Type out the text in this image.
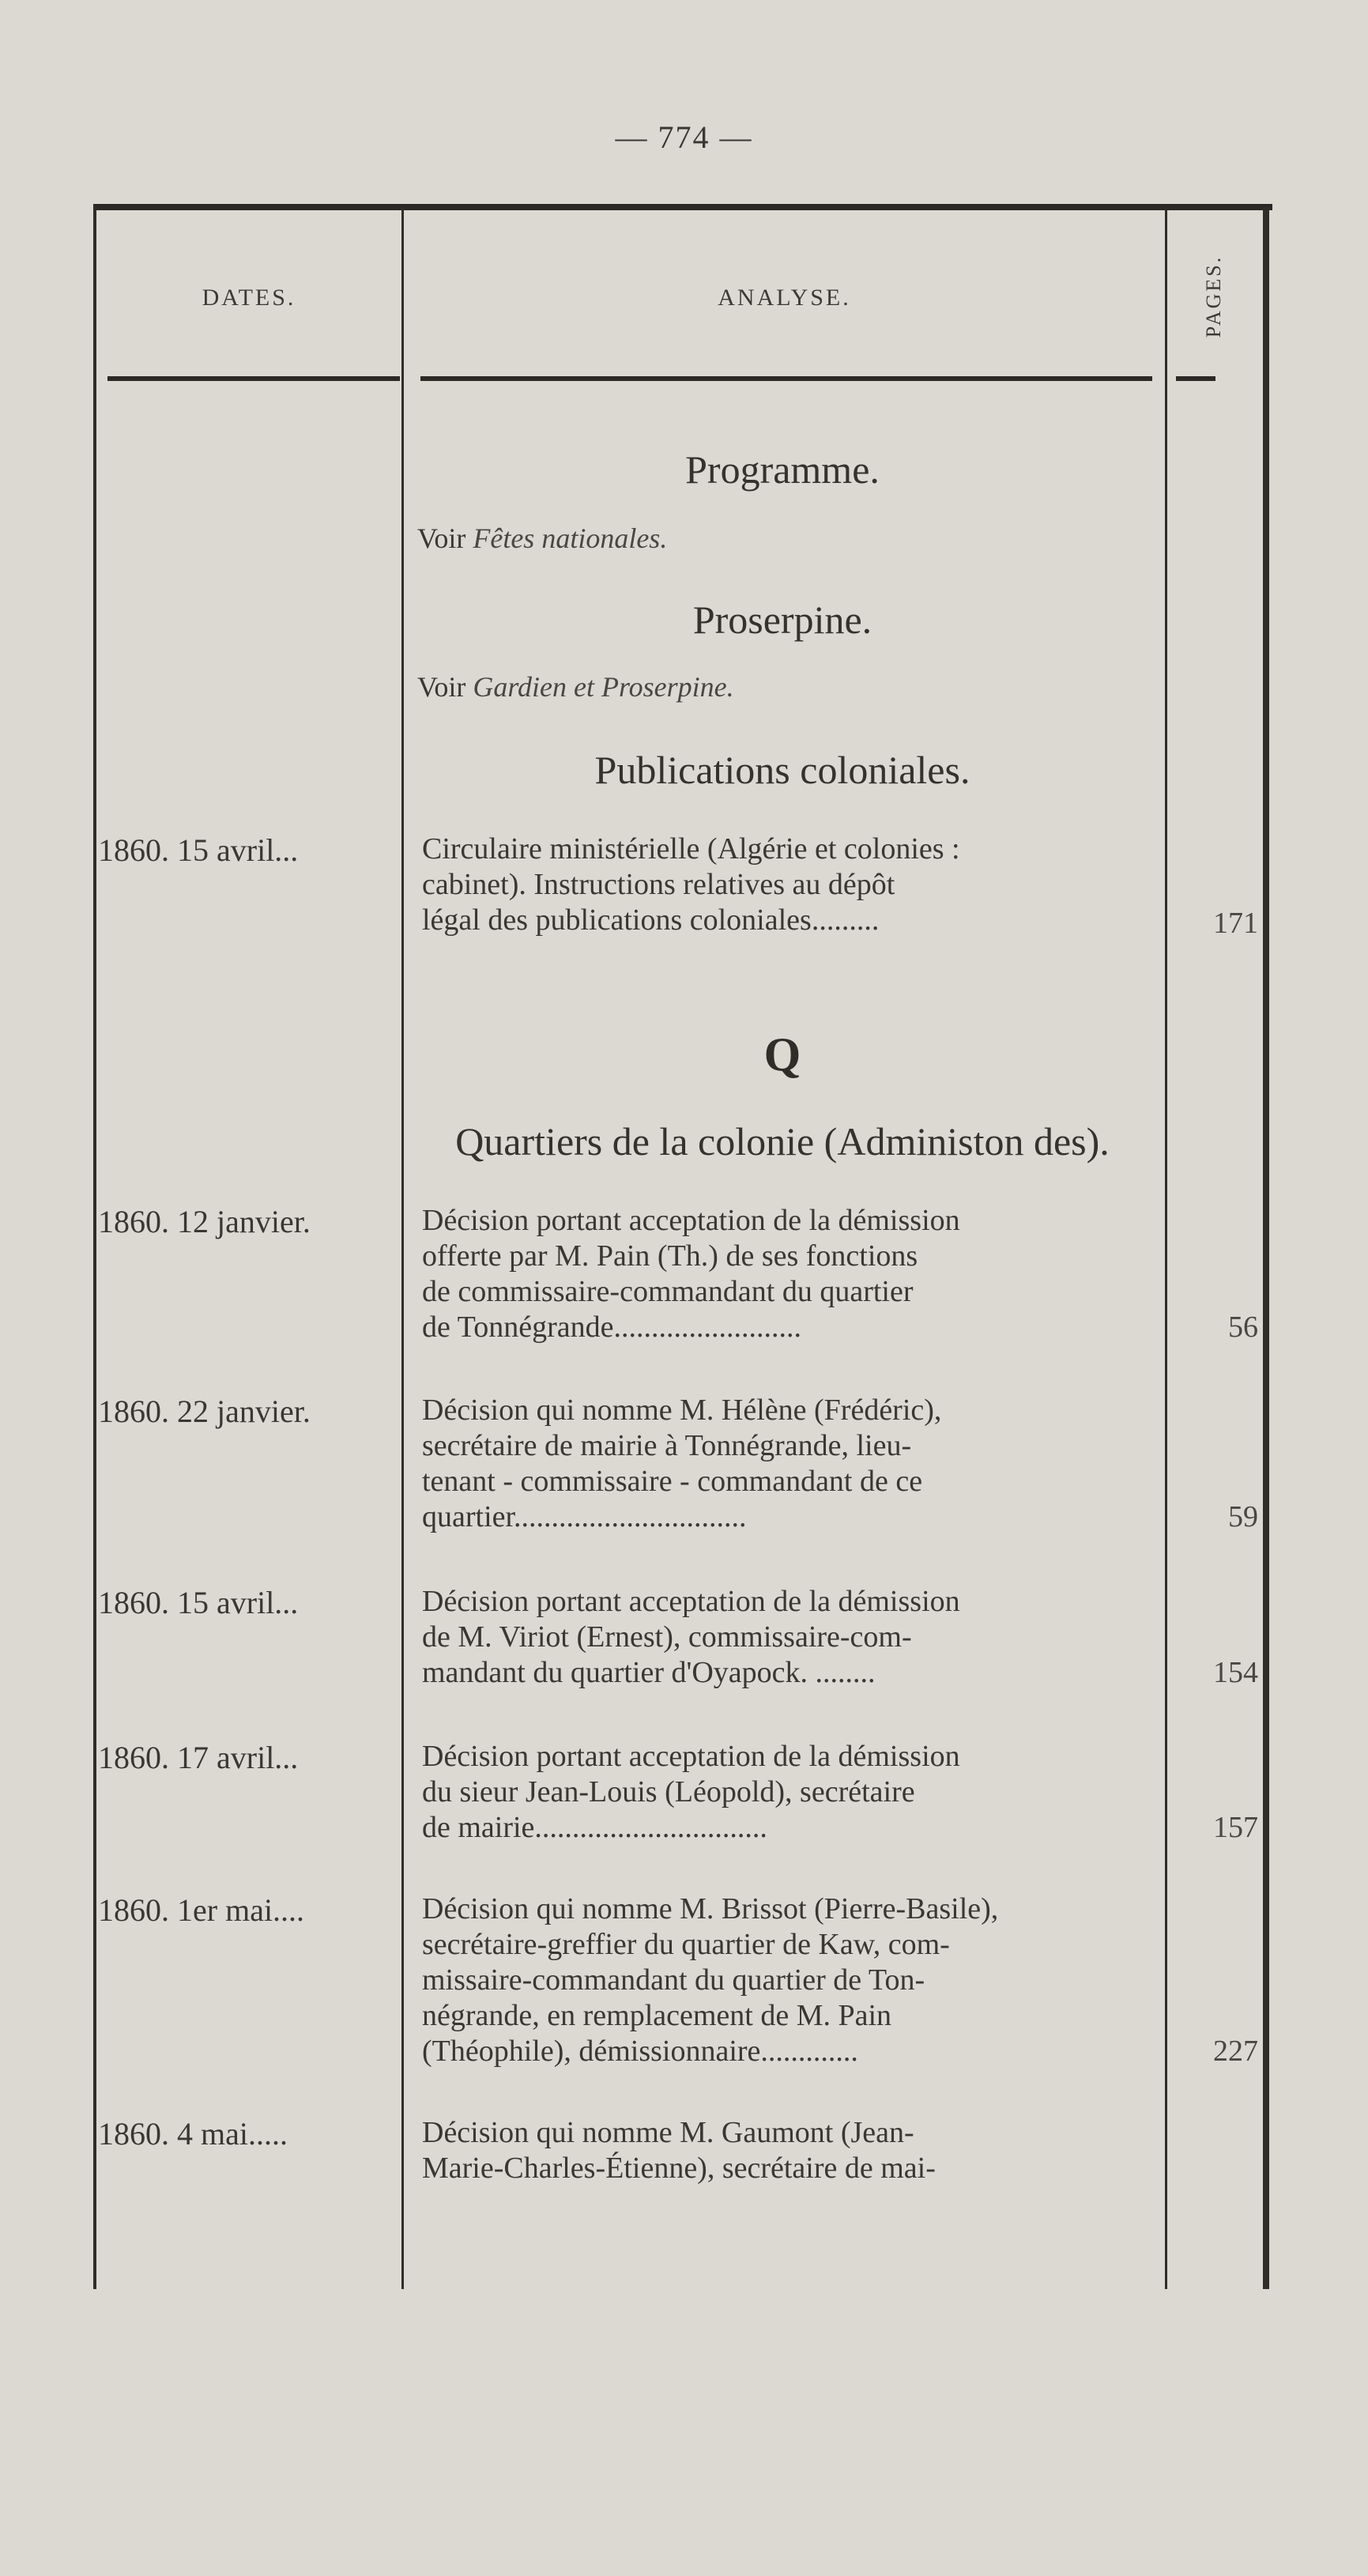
— 774 —
DATES.	ANALYSE.	PAGES.
Programme.
Voir Fêtes nationales.
Proserpine.
Voir Gardien et Proserpine.
Publications coloniales.
1860. 15 avril...	Circulaire ministérielle (Algérie et colonies :
cabinet). Instructions relatives au dépôt
légal des publications coloniales.........	171
Q
Quartiers de la colonie (Administon des).
1860. 12 janvier.	Décision portant acceptation de la démission
offerte par M. Pain (Th.) de ses fonctions
de commissaire-commandant du quartier
de Tonnégrande.........................	56
1860. 22 janvier.	Décision qui nomme M. Hélène (Frédéric),
secrétaire de mairie à Tonnégrande, lieu-
tenant - commissaire - commandant de ce
quartier...............................	59
1860. 15 avril...	Décision portant acceptation de la démission
de M. Viriot (Ernest), commissaire-com-
mandant du quartier d'Oyapock. ........	154
1860. 17 avril...	Décision portant acceptation de la démission
du sieur Jean-Louis (Léopold), secrétaire
de mairie...............................	157
1860. 1er mai....	Décision qui nomme M. Brissot (Pierre-Basile),
secrétaire-greffier du quartier de Kaw, com-
missaire-commandant du quartier de Ton-
négrande, en remplacement de M. Pain
(Théophile), démissionnaire.............	227
1860. 4 mai.....	Décision qui nomme M. Gaumont (Jean-
Marie-Charles-Étienne), secrétaire de mai-
